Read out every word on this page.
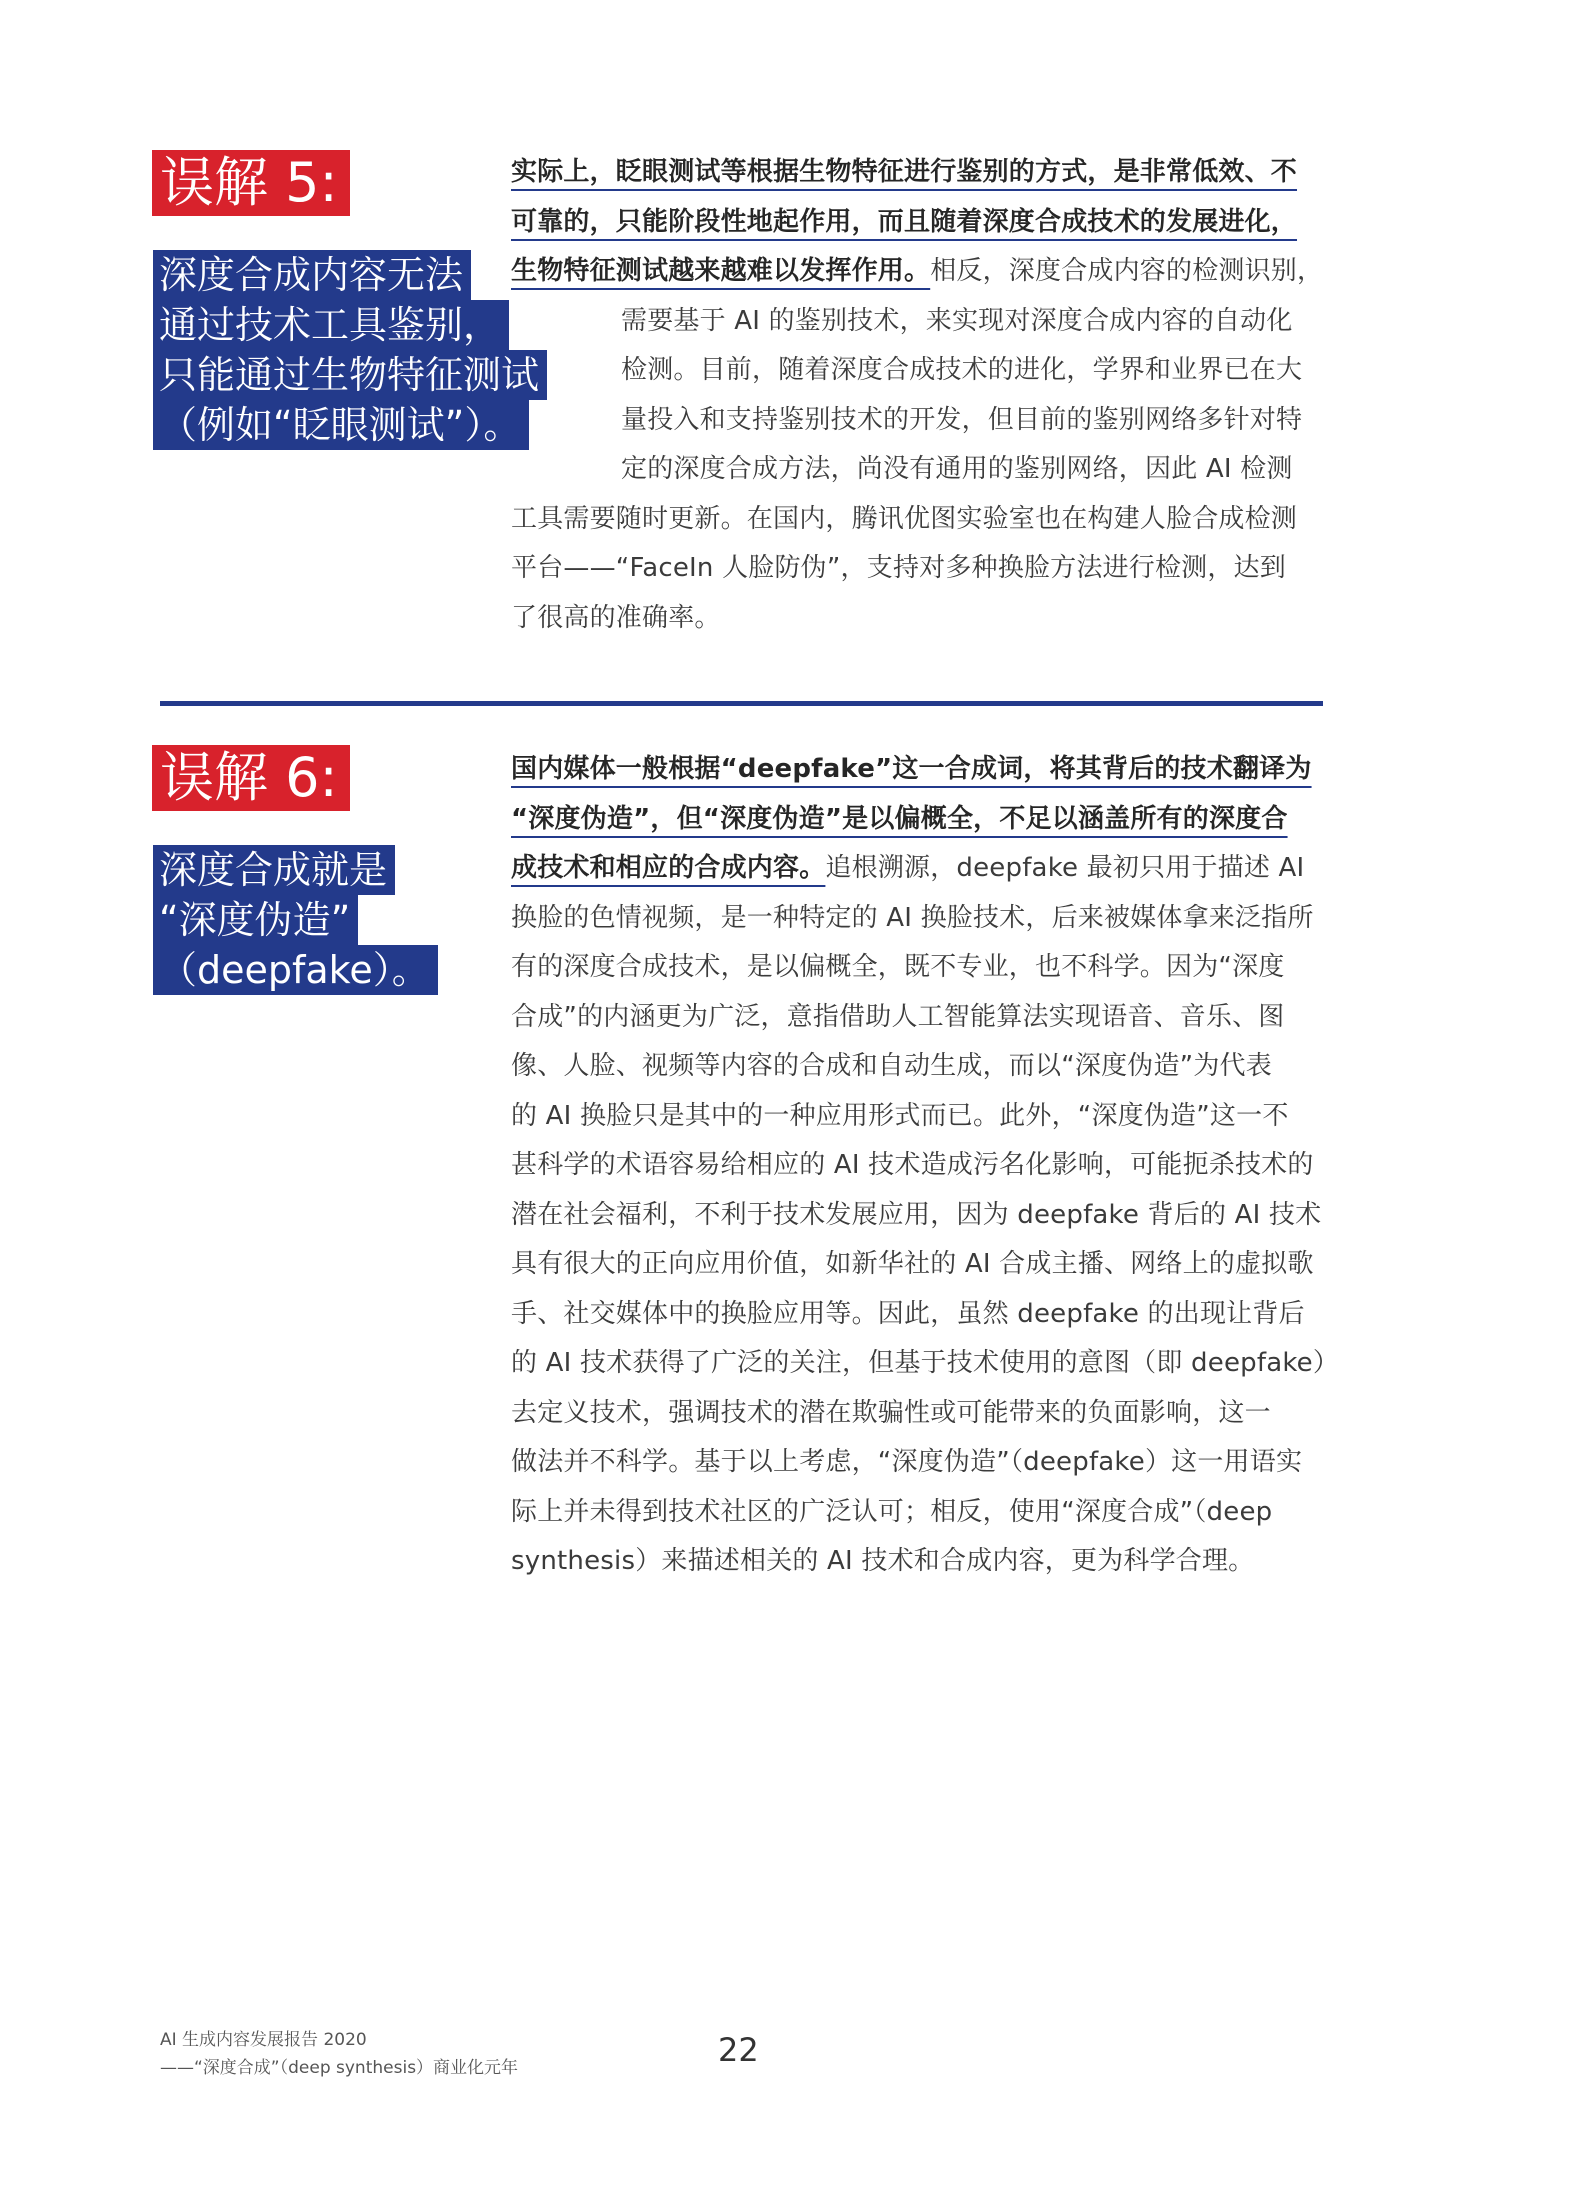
误解 5:
深度合成内容无法
通过技术工具鉴别，
只能通过生物特征测试
（例如“眨眼测试”）。

实际上，眨眼测试等根据生物特征进行鉴别的方式，是非常低效、不

可靠的，只能阶段性地起作用，而且随着深度合成技术的发展进化，

生物特征测试越来越难以发挥作用。相反，深度合成内容的检测识别，

需要基于 AI 的鉴别技术，来实现对深度合成内容的自动化

检测。目前，随着深度合成技术的进化，学界和业界已在大

量投入和支持鉴别技术的开发，但目前的鉴别网络多针对特

定的深度合成方法，尚没有通用的鉴别网络，因此 AI 检测

工具需要随时更新。在国内，腾讯优图实验室也在构建人脸合成检测

平台——“FaceIn 人脸防伪”，支持对多种换脸方法进行检测，达到

了很高的准确率。

误解 6:
深度合成就是
“深度伪造”
（deepfake）。

国内媒体一般根据“deepfake”这一合成词，将其背后的技术翻译为

“深度伪造”，但“深度伪造”是以偏概全，不足以涵盖所有的深度合

成技术和相应的合成内容。追根溯源，deepfake 最初只用于描述 AI

换脸的色情视频，是一种特定的 AI 换脸技术，后来被媒体拿来泛指所

有的深度合成技术，是以偏概全，既不专业，也不科学。因为“深度

合成”的内涵更为广泛，意指借助人工智能算法实现语音、音乐、图

像、人脸、视频等内容的合成和自动生成，而以“深度伪造”为代表

的 AI 换脸只是其中的一种应用形式而已。此外，“深度伪造”这一不

甚科学的术语容易给相应的 AI 技术造成污名化影响，可能扼杀技术的

潜在社会福利，不利于技术发展应用，因为 deepfake 背后的 AI 技术

具有很大的正向应用价值，如新华社的 AI 合成主播、网络上的虚拟歌

手、社交媒体中的换脸应用等。因此，虽然 deepfake 的出现让背后

的 AI 技术获得了广泛的关注，但基于技术使用的意图（即 deepfake）

去定义技术，强调技术的潜在欺骗性或可能带来的负面影响，这一

做法并不科学。基于以上考虑，“深度伪造”（deepfake）这一用语实

际上并未得到技术社区的广泛认可；相反，使用“深度合成”（deep

synthesis）来描述相关的 AI 技术和合成内容，更为科学合理。

AI 生成内容发展报告 2020
——“深度合成”（deep synthesis）商业化元年	22
